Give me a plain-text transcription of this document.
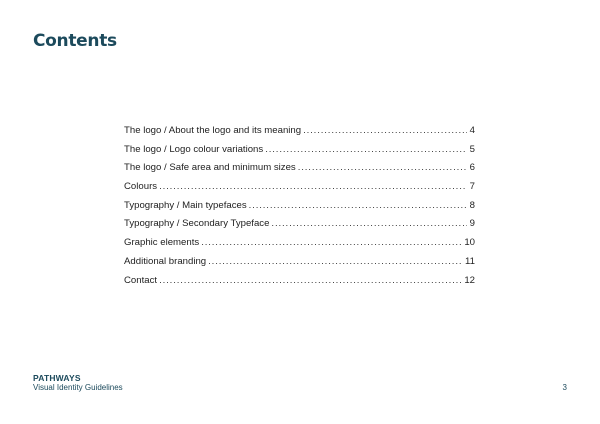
Contents
The logo / About the logo and its meaning . . .	4
The logo / Logo colour variations . . .	5
The logo / Safe area and minimum sizes . . .	6
Colours . . .	7
Typography / Main typefaces . . .	8
Typography / Secondary Typeface . . .	9
Graphic elements . . .	10
Additional branding . . .	11
Contact . . .	12
PATHWAYS
Visual Identity Guidelines	3
